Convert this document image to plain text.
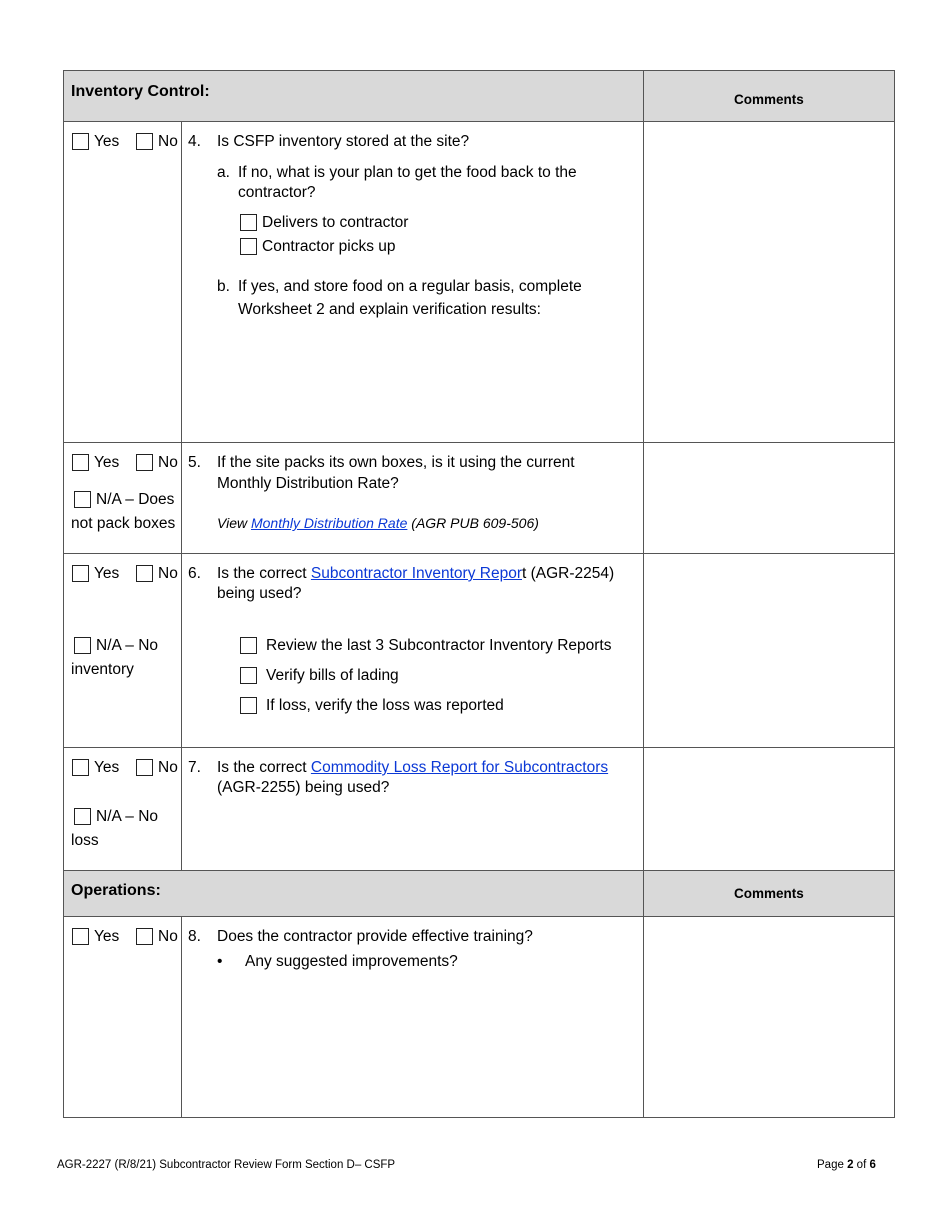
Inventory Control:	Comments
Yes No 4. Is CSFP inventory stored at the site?
a. If no, what is your plan to get the food back to the
contractor?
Delivers to contractor
Contractor picks up
b. If yes, and store food on a regular basis, complete
Worksheet 2 and explain verification results:
Yes No
N/A – Does
not pack boxes
5. If the site packs its own boxes, is it using the current
Monthly Distribution Rate?
View Monthly Distribution Rate (AGR PUB 609-506)
Yes No
N/A – No
inventory
6. Is the correct Subcontractor Inventory Report (AGR-2254)
being used?
Review the last 3 Subcontractor Inventory Reports
Verify bills of lading
If loss, verify the loss was reported
Yes No
N/A – No
loss
7. Is the correct Commodity Loss Report for Subcontractors
(AGR-2255) being used?
Operations:	Comments
Yes No 8. Does the contractor provide effective training?
• Any suggested improvements?
AGR-2227 (R/8/21) Subcontractor Review Form Section D– CSFP	Page 2 of 6
